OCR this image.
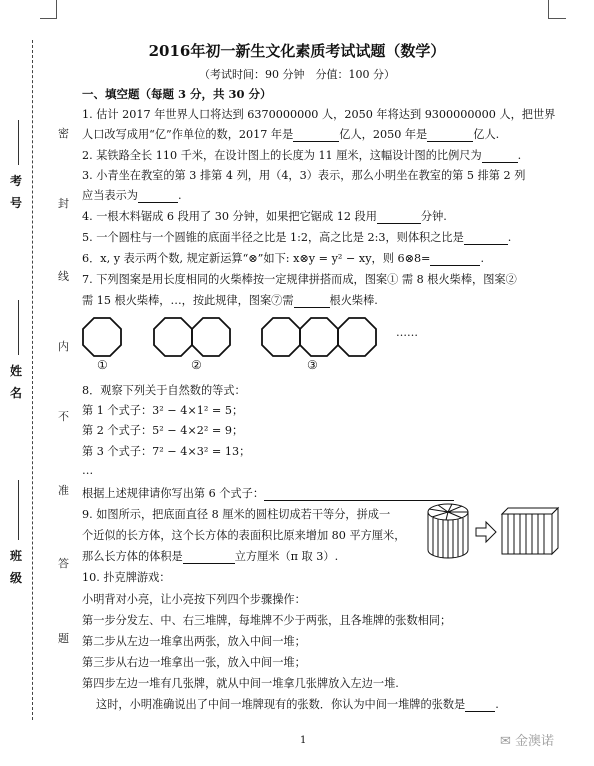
密
封
线
内
不
准
答
题
考号
姓名
班级
2016年初一新生文化素质考试试题（数学）
（考试时间：90 分钟　分值：100 分）
一、填空题（每题 3 分，共 30 分）
1. 估计 2017 年世界人口将达到 6370000000 人，2050 年将达到 9300000000 人，把世界
人口改写成用“亿”作单位的数，2017 年是	亿人，2050 年是	亿人.
2. 某铁路全长 110 千米，在设计图上的长度为 11 厘米，这幅设计图的比例尺为	.
3. 小青坐在教室的第 3 排第 4 列，用（4，3）表示，那么小明坐在教室的第 5 排第 2 列
应当表示为	.
4. 一根木料锯成 6 段用了 30 分钟，如果把它锯成 12 段用	分钟.
5. 一个圆柱与一个圆锥的底面半径之比是 1:2，高之比是 2:3，则体积之比是	.
6．x, y 表示两个数, 规定新运算“⊗”如下: x⊗y = y² − xy，则 6⊗8=	.
7. 下列图案是用长度相同的火柴棒按一定规律拼搭而成，图案① 需 8 根火柴棒，图案②
需 15 根火柴棒，…，按此规律，图案⑦需	根火柴棒.
①	②	③
……
8．观察下列关于自然数的等式：
第 1 个式子：3² − 4×1² = 5；
第 2 个式子：5² − 4×2² = 9；
第 3 个式子：7² − 4×3² = 13；
…
根据上述规律请你写出第 6 个式子：
9. 如图所示，把底面直径 8 厘米的圆柱切成若干等分，拼成一
个近似的长方体，这个长方体的表面积比原来增加 80 平方厘米，
那么长方体的体积是	立方厘米（π 取 3）.
10. 扑克牌游戏：
小明背对小亮，让小亮按下列四个步骤操作：
第一步分发左、中、右三堆牌，每堆牌不少于两张，且各堆牌的张数相同；
第二步从左边一堆拿出两张，放入中间一堆；
第三步从右边一堆拿出一张，放入中间一堆；
第四步左边一堆有几张牌，就从中间一堆拿几张牌放入左边一堆.
这时，小明准确说出了中间一堆牌现有的张数．你认为中间一堆牌的张数是	.
1	✉ 金澳诺
